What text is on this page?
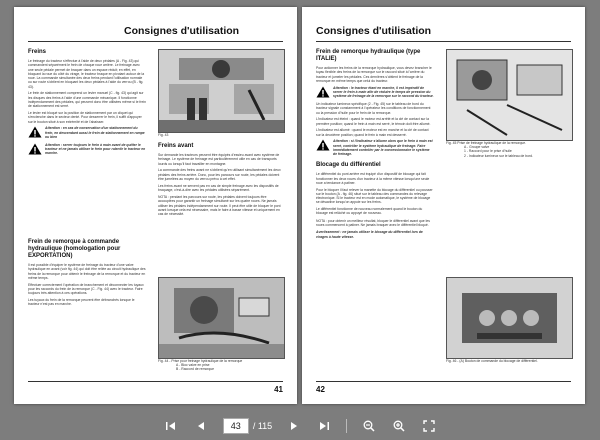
Consignes d'utilisation
Freins

Le freinage du tracteur s'effectue à l'aide de deux pédales (A - Fig. 43) qui commandent séparément le frein de chaque roue arrière. Le freinage avec une seule pédale permet de braquer dans un espace réduit; en effet, en bloquant la roue du côté du virage, le tracteur braque en pivotant autour de la roue. La commande simultanée des deux freins pendant l'utilisation normale ou sur route s'obtient en bloquant les deux pédales à l'aide du verrou (B - fig. 43).

Le frein de stationnement comprend un levier manuel (C - fig. 43) qui agit sur les disques des freins à l'aide d'une commande mécanique. Il fonctionne indépendamment des pédales, qui peuvent donc être utilisées même si le frein de stationnement est serré.

Le levier est bloqué sur la position de stationnement par un cliquet qui s'enclenche dans le secteur denté. Pour desserrer le frein, il suffit d'appuyer sur le bouton situé à son extrémité et de l'abaisser.

Attention : en cas de conservation d'un stationnement du frein, en descendant aussi le frein de stationnement en rampe ou bien
Attention : serrer toujours le frein à main avant de quitter le tracteur et ne jamais utiliser le frein pour ralentir le tracteur en marche.
Frein de remorque à commande hydraulique (homologation pour EXPORTATION)

Il est possible d'équiper le système de freinage du tracteur d'une valve hydraulique en avant (voir fig. 44) qui doit être reliée au circuit hydraulique des freins de la remorque pour obtenir le freinage de la remorque et du tracteur en même temps.

Effectuer correctement l'opération de branchement et déconnecter les tuyaux pour les raccords du frein de la remorque (C - Fig. 44) avec le tracteur. Faire toujours très attention à ces opérations.

Les tuyaux du frein de la remorque peuvent être débranchés lorsque le tracteur n'est pas en marche.

Fig. 43
Freins avant

Sur demande les tracteurs peuvent être équipés d'essieu avant avec système de freinage. Le système de freinage est particulièrement utile en cas de transports lourds ou lorsqu'il faut travailler en montagne.

La commande des freins avant ne s'obtient qu'en utilisant simultanément les deux pédales des freins arrière. Donc, pour les parcours sur route, les pédales doivent être jumelées au moyen du verrou prévu à cet effet.

Les freins avant ne servent pas en cas de simple freinage avec les dispositifs de braquage, c'est-à-dire avec les pédales utilisées séparément.

NOTA : pendant les parcours sur route, les pédales doivent toujours être accouplées pour garantir un freinage simultané sur les quatre roues. Ne jamais utiliser les pédales indépendamment sur route. Il peut être utile de bloquer le pont avant lorsque cela est nécessaire, mais le faire à basse vitesse et uniquement en cas de nécessité.
Fig. 44 - Prise pour freinage hydraulique de la remorque
A - Bloc valve en prise
B - Raccord de remorque
41
Consignes d'utilisation
Frein de remorque hydraulique (type ITALIE)

Pour actionner les freins de la remorque hydraulique, vous devez brancher le tuyau flexible des freins de la remorque sur le raccord situé à l'arrière du tracteur et jumeler les pédales. Ces dernières s'obtient le freinage de la remorque en même temps que celui du tracteur.

Attention : le tracteur étant en marche, il est impératif de serrer le frein à main afin de réduire le temps de pression du système de freinage de la remorque sur le raccord du tracteur.

Un indicateur lumineux spécifique (2 - Fig. 45) sur le tableau de bord du tracteur signale constamment à l'opérateur les conditions de fonctionnement ou la pression d'huile pour le frein de la remorque.

L'indicateur est éteint : quand le moteur est arrêté et la clé de contact sur la première position; quand le frein à main est serré, le témoin doit être allumé.

L'indicateur est allumé : quand le moteur est en marche et la clé de contact sur la deuxième position; quand le frein à main est desserré.

Attention : si l'indicateur s'allume alors que le frein à main est serré, contrôler le système hydraulique de freinage. Faire immédiatement contrôler par le concessionnaire le système de freinage.
Blocage du différentiel

Le différentiel du pont arrière est équipé d'un dispositif de blocage qui fait fonctionner les deux roues d'un tracteur à la même vitesse lorsqu'une seule roue a tendance à patiner.

Pour le bloquer il faut relever la manette du blocage du différentiel ou pousser sur le bouton (A - fig. 46) situé sur le tableau des commandes du relevage électronique. Si le tracteur est en mode automatique, le système de blocage se désactive lorsqu'on appuie sur les freins.

Le différentiel fonctionne de nouveau normalement quand le bouton du blocage est relâché ou appuyé de nouveau.

NOTA : pour obtenir un meilleur résultat, bloquer le différentiel avant que les roues commencent à patiner. Ne jamais braquer avec le différentiel bloqué.
Avertissement : ne jamais utiliser le blocage du différentiel lors de virages à haute vitesse.
Fig. 45 Prise de freinage hydraulique de la remorque.
A - Groupe valve
1 - Raccord pour le prise d'huile
2 - Indicateur lumineux sur le tableau de bord.
Fig. 46 - (A) Bouton de commande du blocage de différentiel.
42
43	/ 115
